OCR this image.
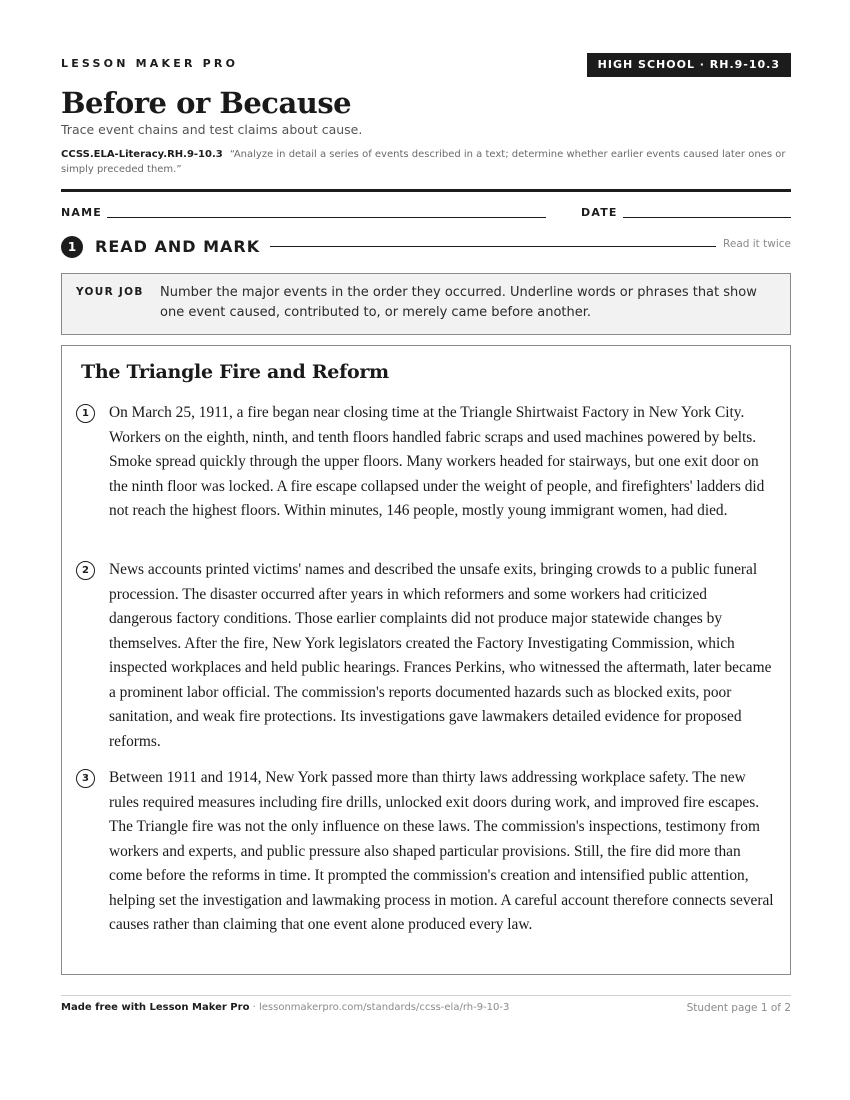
LESSON MAKER PRO	HIGH SCHOOL · RH.9-10.3
Before or Because
Trace event chains and test claims about cause.
CCSS.ELA-Literacy.RH.9-10.3 “Analyze in detail a series of events described in a text; determine whether earlier events caused later ones or simply preceded them.”
NAME	DATE
1	READ AND MARK	Read it twice
YOUR JOB Number the major events in the order they occurred. Underline words or phrases that show one event caused, contributed to, or merely came before another.
The Triangle Fire and Reform
1	On March 25, 1911, a fire began near closing time at the Triangle Shirtwaist Factory in New York City. Workers on the eighth, ninth, and tenth floors handled fabric scraps and used machines powered by belts. Smoke spread quickly through the upper floors. Many workers headed for stairways, but one exit door on the ninth floor was locked. A fire escape collapsed under the weight of people, and firefighters' ladders did not reach the highest floors. Within minutes, 146 people, mostly young immigrant women, had died.

2	News accounts printed victims' names and described the unsafe exits, bringing crowds to a public funeral procession. The disaster occurred after years in which reformers and some workers had criticized dangerous factory conditions. Those earlier complaints did not produce major statewide changes by themselves. After the fire, New York legislators created the Factory Investigating Commission, which inspected workplaces and held public hearings. Frances Perkins, who witnessed the aftermath, later became a prominent labor official. The commission's reports documented hazards such as blocked exits, poor sanitation, and weak fire protections. Its investigations gave lawmakers detailed evidence for proposed reforms.

3	Between 1911 and 1914, New York passed more than thirty laws addressing workplace safety. The new rules required measures including fire drills, unlocked exit doors during work, and improved fire escapes. The Triangle fire was not the only influence on these laws. The commission's inspections, testimony from workers and experts, and public pressure also shaped particular provisions. Still, the fire did more than come before the reforms in time. It prompted the commission's creation and intensified public attention, helping set the investigation and lawmaking process in motion. A careful account therefore connects several causes rather than claiming that one event alone produced every law.

Made free with Lesson Maker Pro · lessonmakerpro.com/standards/ccss-ela/rh-9-10-3	Student page 1 of 2
